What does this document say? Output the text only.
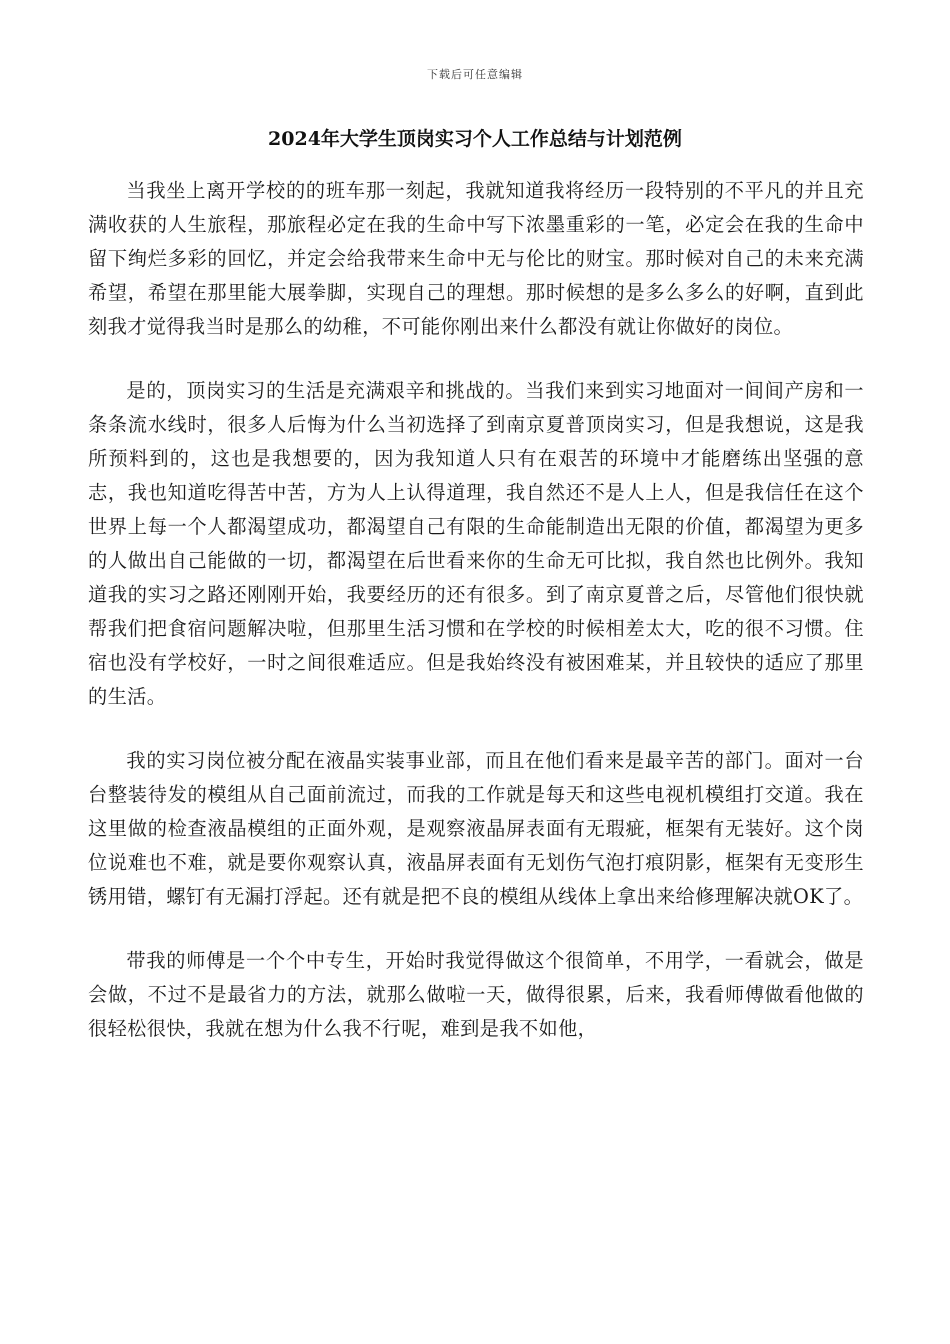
下载后可任意编辑
2024年大学生顶岗实习个人工作总结与计划范例

当我坐上离开学校的的班车那一刻起，我就知道我将经历一段特别的不平凡的并且充满收获的人生旅程，那旅程必定在我的生命中写下浓墨重彩的一笔，必定会在我的生命中留下绚烂多彩的回忆，并定会给我带来生命中无与伦比的财宝。那时候对自己的未来充满希望，希望在那里能大展拳脚，实现自己的理想。那时候想的是多么多么的好啊，直到此刻我才觉得我当时是那么的幼稚，不可能你刚出来什么都没有就让你做好的岗位。

是的，顶岗实习的生活是充满艰辛和挑战的。当我们来到实习地面对一间间产房和一条条流水线时，很多人后悔为什么当初选择了到南京夏普顶岗实习，但是我想说，这是我所预料到的，这也是我想要的，因为我知道人只有在艰苦的环境中才能磨练出坚强的意志，我也知道吃得苦中苦，方为人上认得道理，我自然还不是人上人，但是我信任在这个世界上每一个人都渴望成功，都渴望自己有限的生命能制造出无限的价值，都渴望为更多的人做出自己能做的一切，都渴望在后世看来你的生命无可比拟，我自然也比例外。我知道我的实习之路还刚刚开始，我要经历的还有很多。到了南京夏普之后，尽管他们很快就帮我们把食宿问题解决啦，但那里生活习惯和在学校的时候相差太大，吃的很不习惯。住宿也没有学校好，一时之间很难适应。但是我始终没有被困难某，并且较快的适应了那里的生活。

我的实习岗位被分配在液晶实装事业部，而且在他们看来是最辛苦的部门。面对一台台整装待发的模组从自己面前流过，而我的工作就是每天和这些电视机模组打交道。我在这里做的检查液晶模组的正面外观，是观察液晶屏表面有无瑕疵，框架有无装好。这个岗位说难也不难，就是要你观察认真，液晶屏表面有无划伤气泡打痕阴影，框架有无变形生锈用错，螺钉有无漏打浮起。还有就是把不良的模组从线体上拿出来给修理解决就OK了。

带我的师傅是一个个中专生，开始时我觉得做这个很简单，不用学，一看就会，做是会做，不过不是最省力的方法，就那么做啦一天，做得很累，后来，我看师傅做看他做的很轻松很快，我就在想为什么我不行呢，难到是我不如他，
